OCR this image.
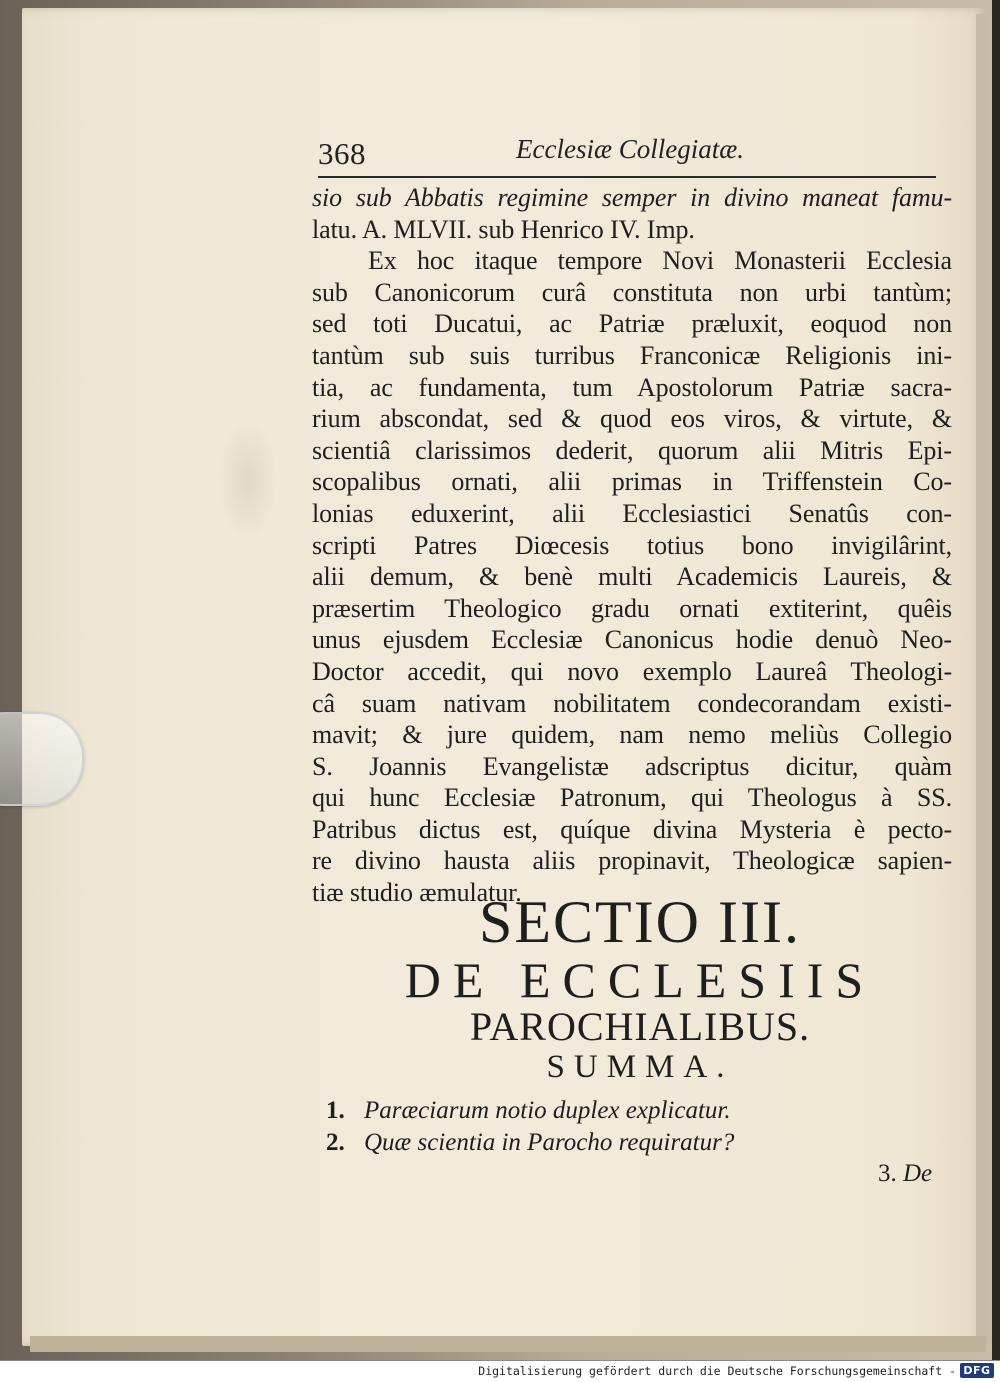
368	Ecclesiæ Collegiatæ.
sio sub Abbatis regimine semper in divino maneat famu-
latu. A. MLVII. sub Henrico IV. Imp.
Ex hoc itaque tempore Novi Monasterii Ecclesia
sub Canonicorum curâ constituta non urbi tantùm;
sed toti Ducatui, ac Patriæ præluxit, eoquod non
tantùm sub suis turribus Franconicæ Religionis ini-
tia, ac fundamenta, tum Apostolorum Patriæ sacra-
rium abscondat, sed & quod eos viros, & virtute, &
scientiâ clarissimos dederit, quorum alii Mitris Epi-
scopalibus ornati, alii primas in Triffenstein Co-
lonias eduxerint, alii Ecclesiastici Senatûs con-
scripti Patres Diœcesis totius bono invigilârint,
alii demum, & benè multi Academicis Laureis, &
præsertim Theologico gradu ornati extiterint, quêis
unus ejusdem Ecclesiæ Canonicus hodie denuò Neo-
Doctor accedit, qui novo exemplo Laureâ Theologi-
câ suam nativam nobilitatem condecorandam existi-
mavit; & jure quidem, nam nemo meliùs Collegio
S. Joannis Evangelistæ adscriptus dicitur, quàm
qui hunc Ecclesiæ Patronum, qui Theologus à SS.
Patribus dictus est, quíque divina Mysteria è pecto-
re divino hausta aliis propinavit, Theologicæ sapien-
tiæ studio æmulatur.
SECTIO III.
DE ECCLESIIS
PAROCHIALIBUS.
SUMMA.
1. Paræciarum notio duplex explicatur.
2. Quæ scientia in Parocho requiratur?
3. De
Digitalisierung gefördert durch die Deutsche Forschungsgemeinschaft - DFG
